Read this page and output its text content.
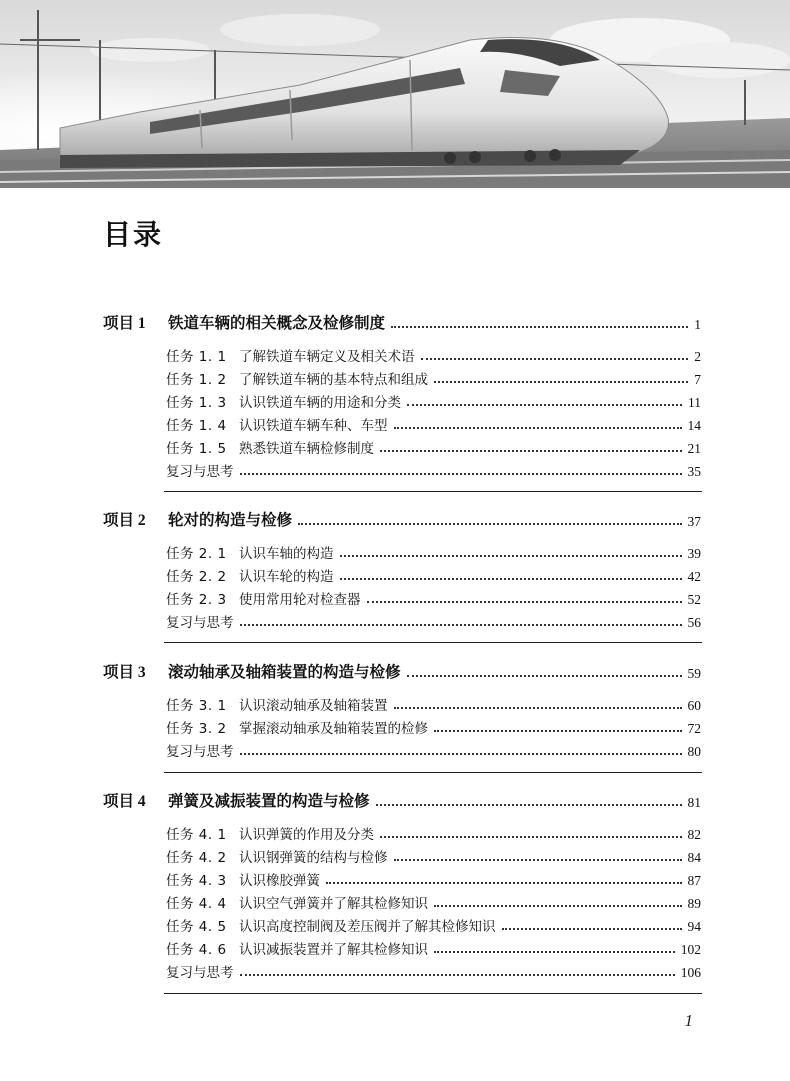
目录
项目 1	铁道车辆的相关概念及检修制度	1
任务 1. 1 了解铁道车辆定义及相关术语	2
任务 1. 2 了解铁道车辆的基本特点和组成	7
任务 1. 3 认识铁道车辆的用途和分类	11
任务 1. 4 认识铁道车辆车种、车型	14
任务 1. 5 熟悉铁道车辆检修制度	21
复习与思考	35
项目 2	轮对的构造与检修	37
任务 2. 1 认识车轴的构造	39
任务 2. 2 认识车轮的构造	42
任务 2. 3 使用常用轮对检查器	52
复习与思考	56
项目 3	滚动轴承及轴箱装置的构造与检修	59
任务 3. 1 认识滚动轴承及轴箱装置	60
任务 3. 2 掌握滚动轴承及轴箱装置的检修	72
复习与思考	80
项目 4	弹簧及减振装置的构造与检修	81
任务 4. 1 认识弹簧的作用及分类	82
任务 4. 2 认识钢弹簧的结构与检修	84
任务 4. 3 认识橡胶弹簧	87
任务 4. 4 认识空气弹簧并了解其检修知识	89
任务 4. 5 认识高度控制阀及差压阀并了解其检修知识	94
任务 4. 6 认识减振装置并了解其检修知识	102
复习与思考	106
1
